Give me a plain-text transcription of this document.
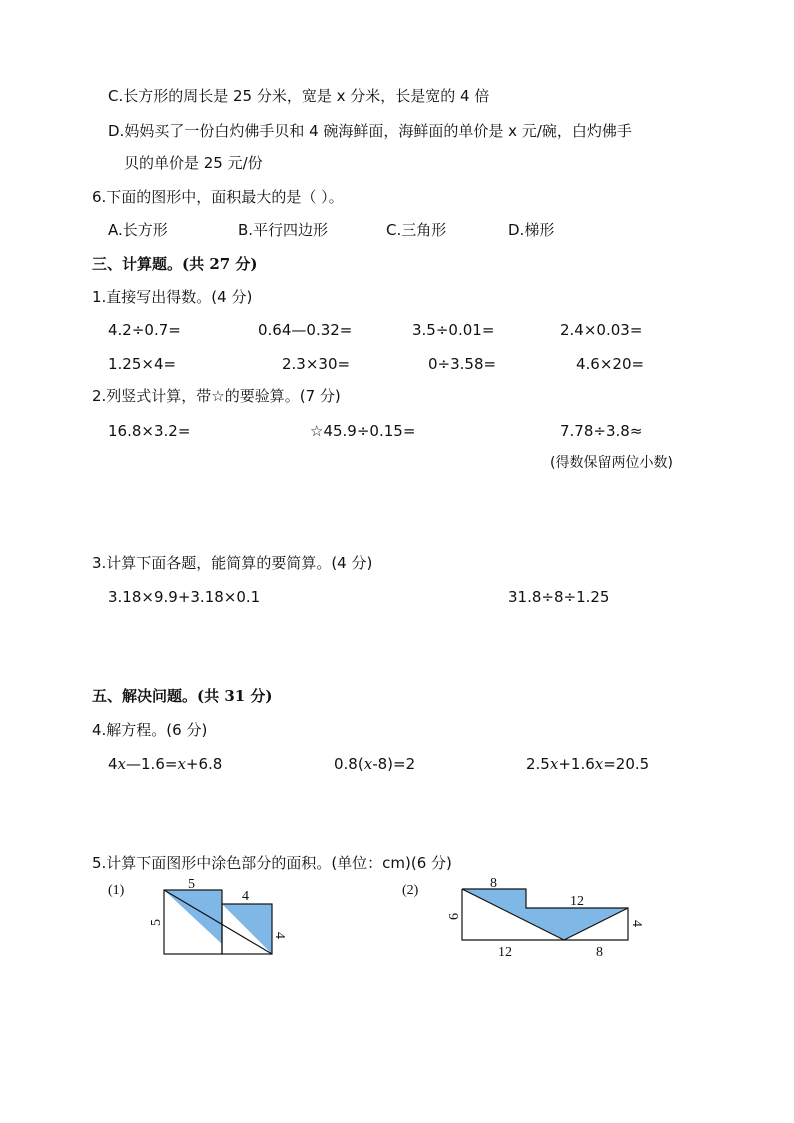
C.长方形的周长是 25 分米，宽是 x 分米，长是宽的 4 倍
D.妈妈买了一份白灼佛手贝和 4 碗海鲜面，海鲜面的单价是 x 元/碗，白灼佛手
贝的单价是 25 元/份
6.下面的图形中，面积最大的是（ ）。
A.长方形	B.平行四边形	C.三角形	D.梯形
三、计算题。(共 27 分)
1.直接写出得数。(4 分)
4.2÷0.7=	0.64—0.32=	3.5÷0.01=	2.4×0.03=
1.25×4=	2.3×30=	0÷3.58=	4.6×20=
2.列竖式计算，带☆的要验算。(7 分)
16.8×3.2=	☆45.9÷0.15=	7.78÷3.8≈
(得数保留两位小数)
3.计算下面各题，能简算的要简算。(4 分)
3.18×9.9+3.18×0.1	31.8÷8÷1.25
五、解决问题。(共 31 分)
4.解方程。(6 分)
4x—1.6=x+6.8	0.8(x-8)=2	2.5x+1.6x=20.5
5.计算下面图形中涂色部分的面积。(单位：cm)(6 分)
(1)	5
4
5
4
(2)	8
12
6
4
12	8
